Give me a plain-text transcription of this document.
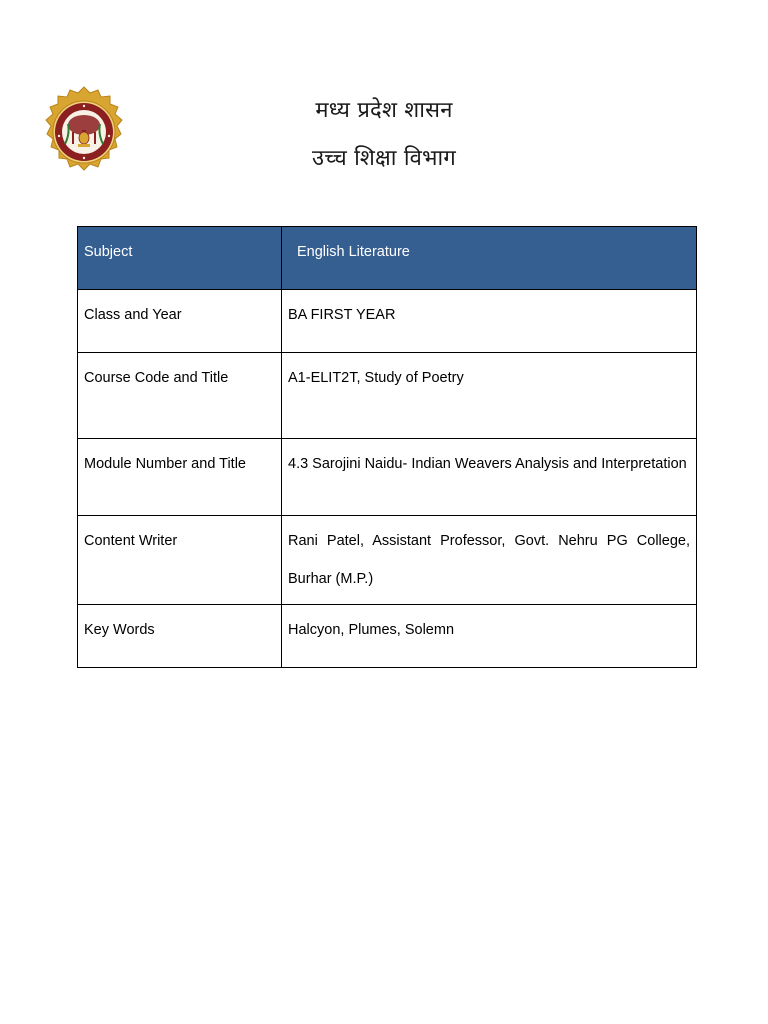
मध्य प्रदेश शासन
उच्च शिक्षा विभाग
Subject	English Literature
Class and Year	BA FIRST YEAR
Course Code and Title	A1-ELIT2T, Study of Poetry
Module Number and Title	4.3 Sarojini Naidu- Indian Weavers Analysis and Interpretation
Content Writer	Rani Patel, Assistant Professor, Govt. Nehru PG College, Burhar (M.P.)
Key Words	Halcyon, Plumes, Solemn
